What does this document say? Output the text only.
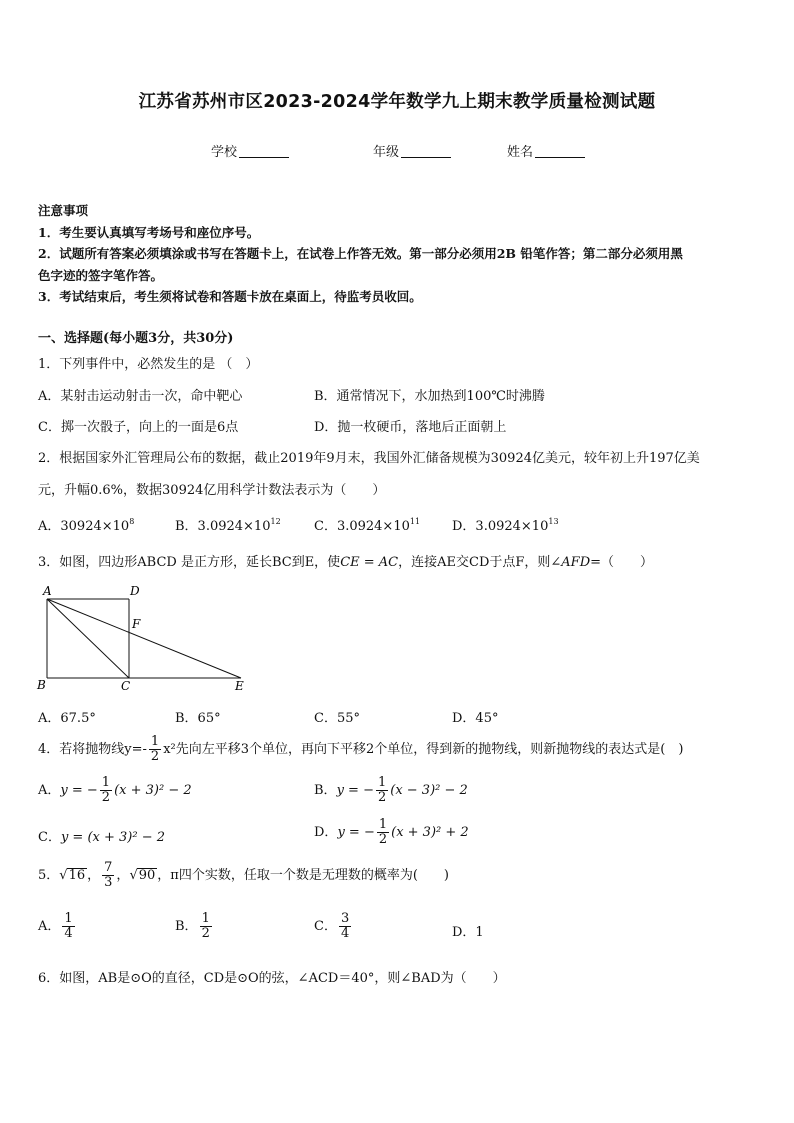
江苏省苏州市区2023-2024学年数学九上期末教学质量检测试题
学校	年级	姓名
注意事项
1．考生要认真填写考场号和座位序号。
2．试题所有答案必须填涂或书写在答题卡上，在试卷上作答无效。第一部分必须用2B 铅笔作答；第二部分必须用黑
色字迹的签字笔作答。
3．考试结束后，考生须将试卷和答题卡放在桌面上，待监考员收回。
一、选择题(每小题3分，共30分)
1．下列事件中，必然发生的是 （　）
A．某射击运动射击一次，命中靶心	B．通常情况下，水加热到100℃时沸腾
C．掷一次骰子，向上的一面是6点	D．抛一枚硬币，落地后正面朝上
2．根据国家外汇管理局公布的数据，截止2019年9月末，我国外汇储备规模为30924亿美元，较年初上升197亿美
元，升幅0.6%，数据30924亿用科学计数法表示为（　　）
A．$30924\times 10^8$	B．$3.0924\times 10^{12}$	C．$3.0924\times 10^{11}$ D．$3.0924\times 10^{13}$
3．如图，四边形ABCD 是正方形，延长BC到E，使CE = AC，连接AE交CD于点F，则∠AFD=（　　）
A	D
F
B	C	E
A．67.5°	B．65°	C．55°	D．45°
4．若将抛物线$y=- \frac{1}{2} x^2$先向左平移3个单位，再向下平移2个单位，得到新的抛物线，则新抛物线的表达式是(　)
A．y = − $\frac{1}{2} (x + 3)^2 - 2$	B．y = − $\frac{1}{2} (x - 3)^2 - 2$
C．y = (x + 3)² − 2	D．y = − $\frac{1}{2} (x + 3)^2 + 2$
5．√16 ， $\frac{7}{3}$ ，√90 ，π四个实数，任取一个数是无理数的概率为(　　)
A． $\frac{1}{4}$	B． $\frac{1}{2}$	C． $\frac{3}{4}$	D．1
6．如图，AB是⊙O的直径，CD是⊙O的弦，∠ACD＝40°，则∠BAD为（　　）
